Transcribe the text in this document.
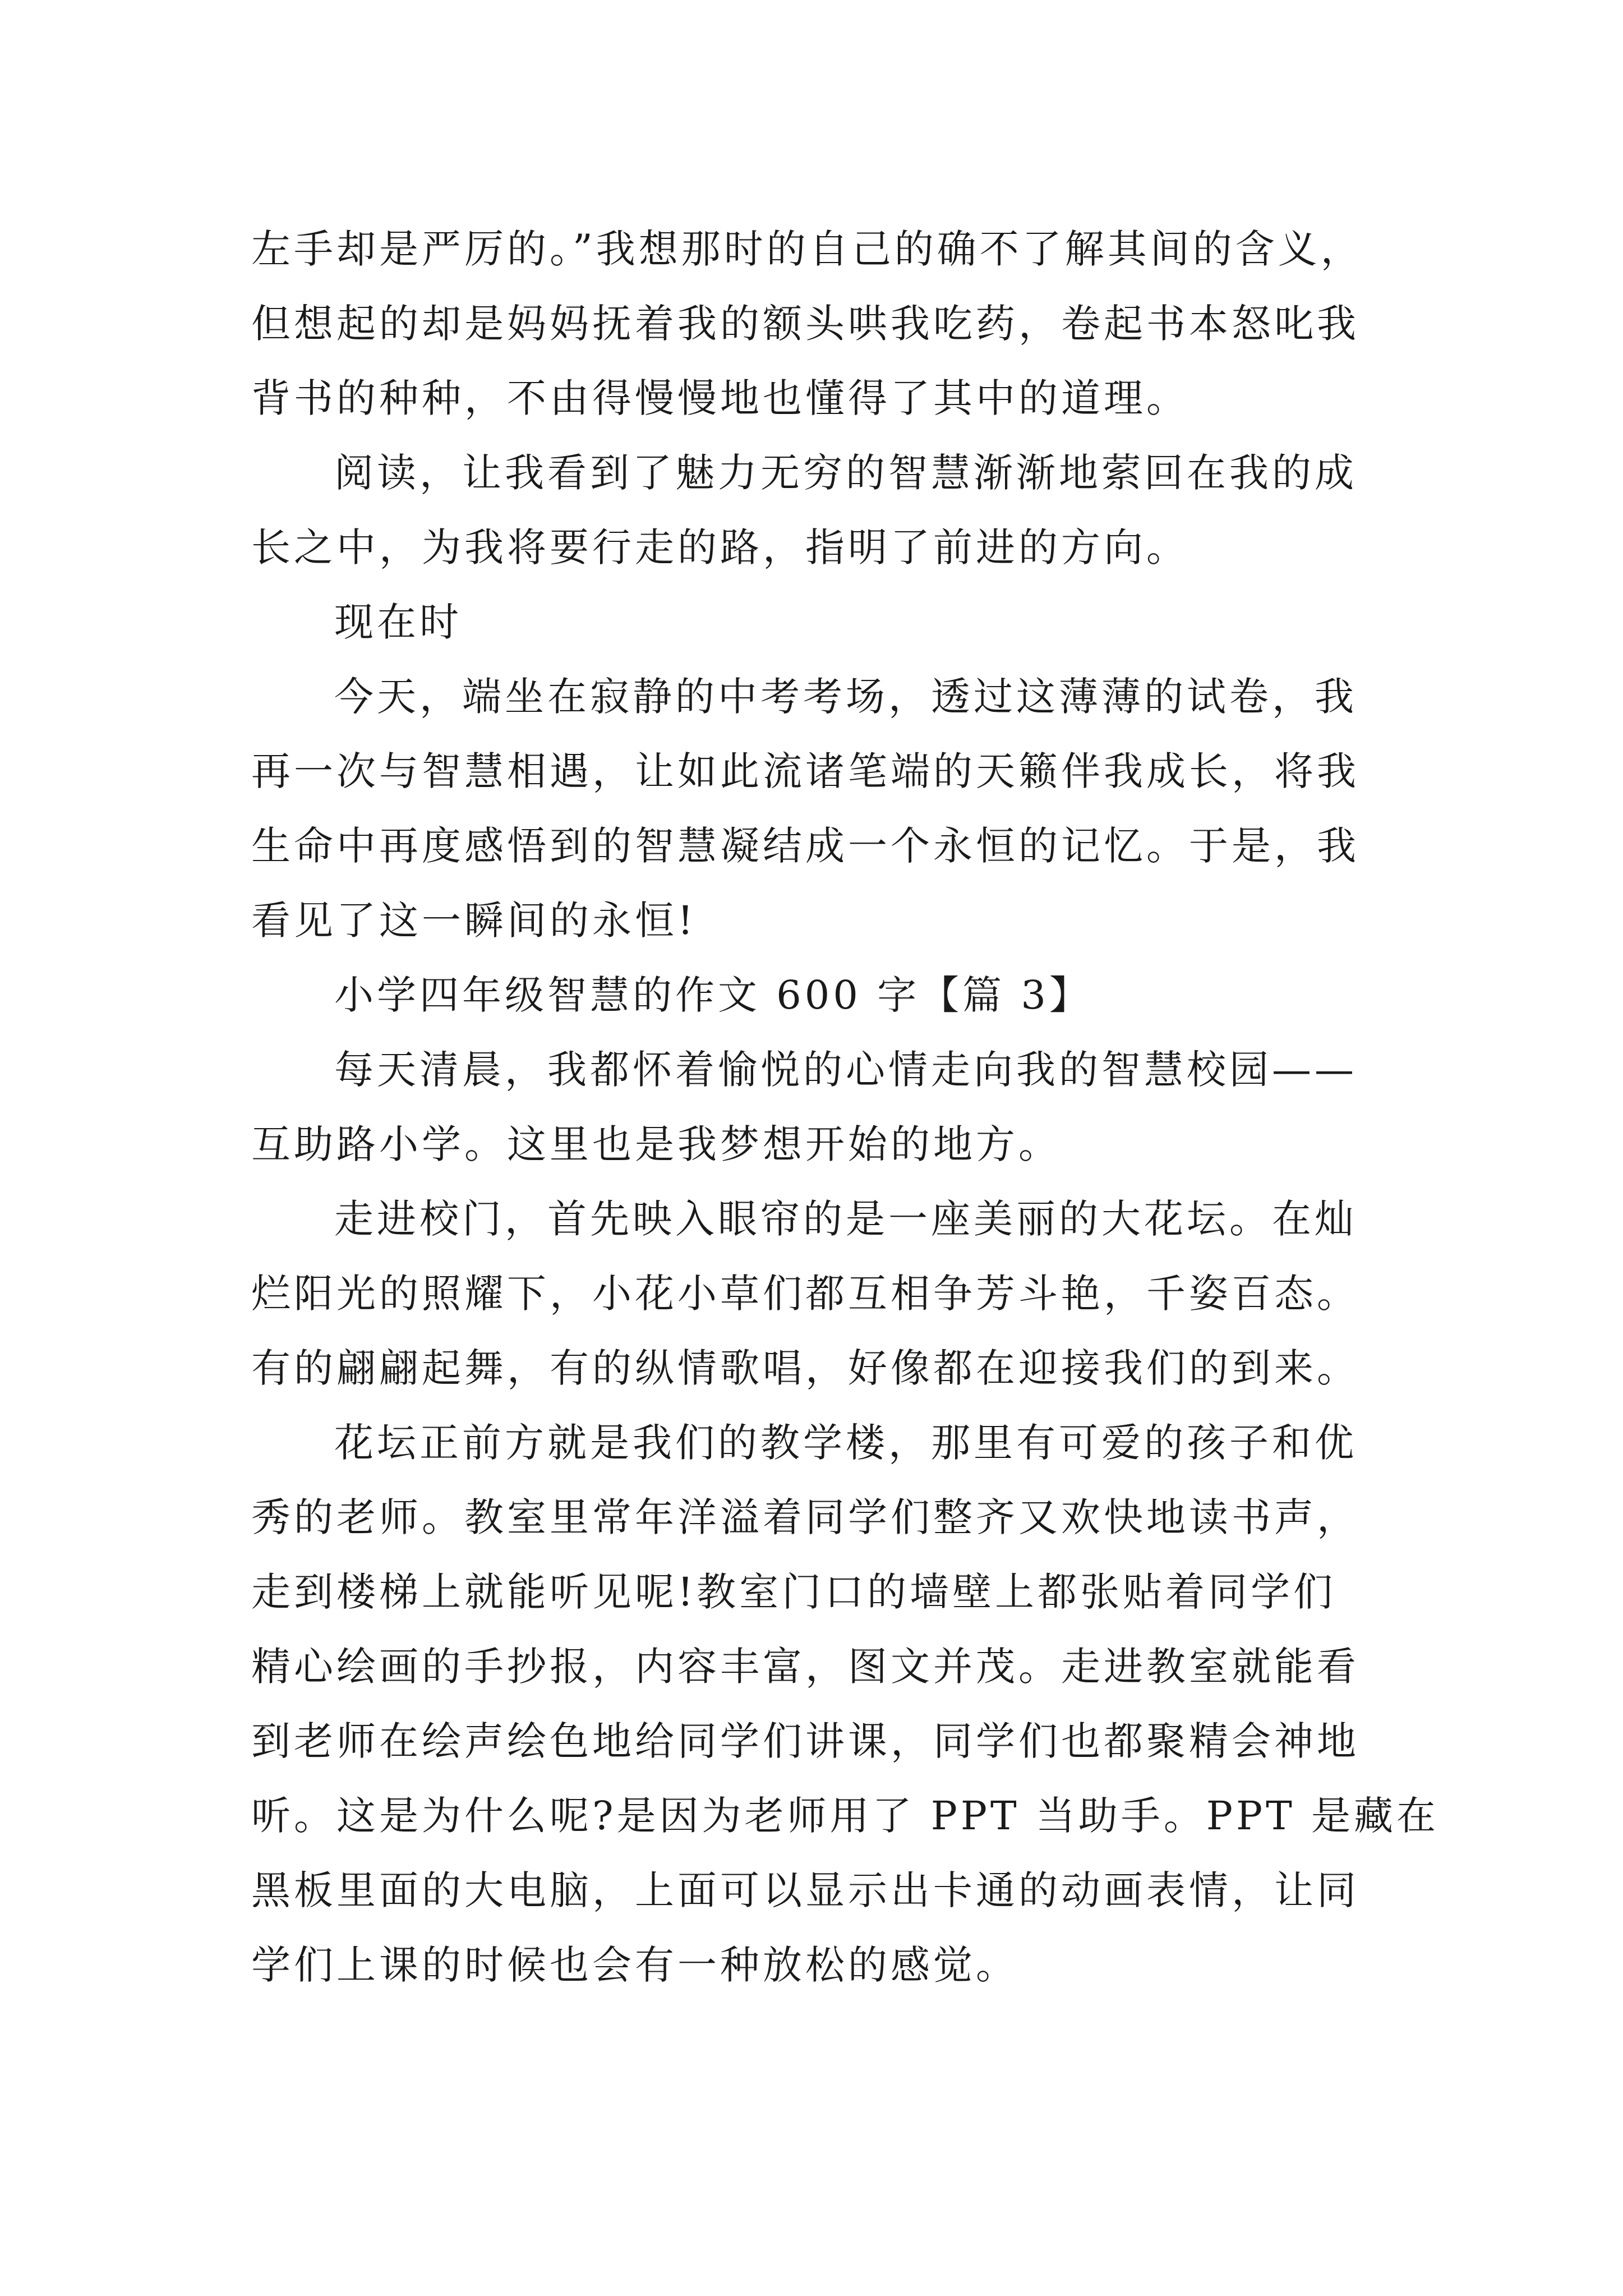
左手却是严厉的。”我想那时的自己的确不了解其间的含义，
但想起的却是妈妈抚着我的额头哄我吃药，卷起书本怒叱我
背书的种种，不由得慢慢地也懂得了其中的道理。
阅读，让我看到了魅力无穷的智慧渐渐地萦回在我的成
长之中，为我将要行走的路，指明了前进的方向。
现在时
今天，端坐在寂静的中考考场，透过这薄薄的试卷，我
再一次与智慧相遇，让如此流诸笔端的天籁伴我成长，将我
生命中再度感悟到的智慧凝结成一个永恒的记忆。于是，我
看见了这一瞬间的永恒!
小学四年级智慧的作文 600 字【篇 3】
每天清晨，我都怀着愉悦的心情走向我的智慧校园——
互助路小学。这里也是我梦想开始的地方。
走进校门，首先映入眼帘的是一座美丽的大花坛。在灿
烂阳光的照耀下，小花小草们都互相争芳斗艳，千姿百态。
有的翩翩起舞，有的纵情歌唱，好像都在迎接我们的到来。
花坛正前方就是我们的教学楼，那里有可爱的孩子和优
秀的老师。教室里常年洋溢着同学们整齐又欢快地读书声，
走到楼梯上就能听见呢!教室门口的墙壁上都张贴着同学们
精心绘画的手抄报，内容丰富，图文并茂。走进教室就能看
到老师在绘声绘色地给同学们讲课，同学们也都聚精会神地
听。这是为什么呢?是因为老师用了 PPT 当助手。PPT 是藏在
黑板里面的大电脑，上面可以显示出卡通的动画表情，让同
学们上课的时候也会有一种放松的感觉。
